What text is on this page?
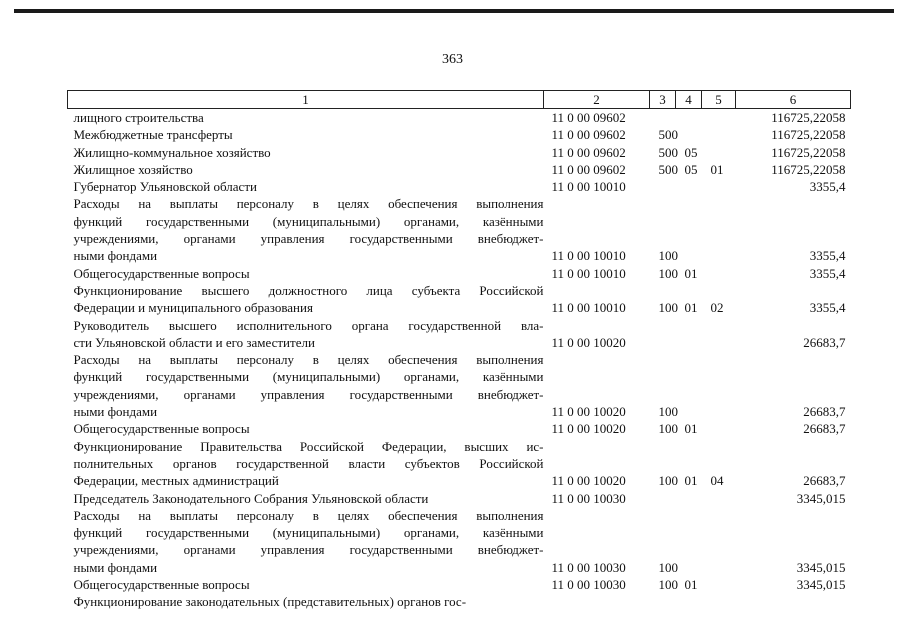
363
1	2	3	4	5	6

лищного строительства	11 0 00 09602				116725,22058

Межбюджетные трансферты	11 0 00 09602	500			116725,22058

Жилищно-коммунальное хозяйство	11 0 00 09602	500	05		116725,22058

Жилищное хозяйство	11 0 00 09602	500	05	01	116725,22058

Губернатор Ульяновской области	11 0 00 10010				3355,4

Расходы на выплаты персоналу в целях обеспечения выполнения
функций государственными (муниципальными) органами, казёнными
учреждениями, органами управления государственными внебюджет-
ными фондами	11 0 00 10010	100			3355,4

Общегосударственные вопросы	11 0 00 10010	100	01		3355,4

Функционирование высшего должностного лица субъекта Российской
Федерации и муниципального образования	11 0 00 10010	100	01	02	3355,4

Руководитель высшего исполнительного органа государственной вла-
сти Ульяновской области и его заместители	11 0 00 10020				26683,7

Расходы на выплаты персоналу в целях обеспечения выполнения
функций государственными (муниципальными) органами, казёнными
учреждениями, органами управления государственными внебюджет-
ными фондами	11 0 00 10020	100			26683,7

Общегосударственные вопросы	11 0 00 10020	100	01		26683,7

Функционирование Правительства Российской Федерации, высших ис-
полнительных органов государственной власти субъектов Российской
Федерации, местных администраций	11 0 00 10020	100	01	04	26683,7

Председатель Законодательного Собрания Ульяновской области	11 0 00 10030				3345,015

Расходы на выплаты персоналу в целях обеспечения выполнения
функций государственными (муниципальными) органами, казёнными
учреждениями, органами управления государственными внебюджет-
ными фондами	11 0 00 10030	100			3345,015

Общегосударственные вопросы	11 0 00 10030	100	01		3345,015

Функционирование законодательных (представительных) органов гос-					
